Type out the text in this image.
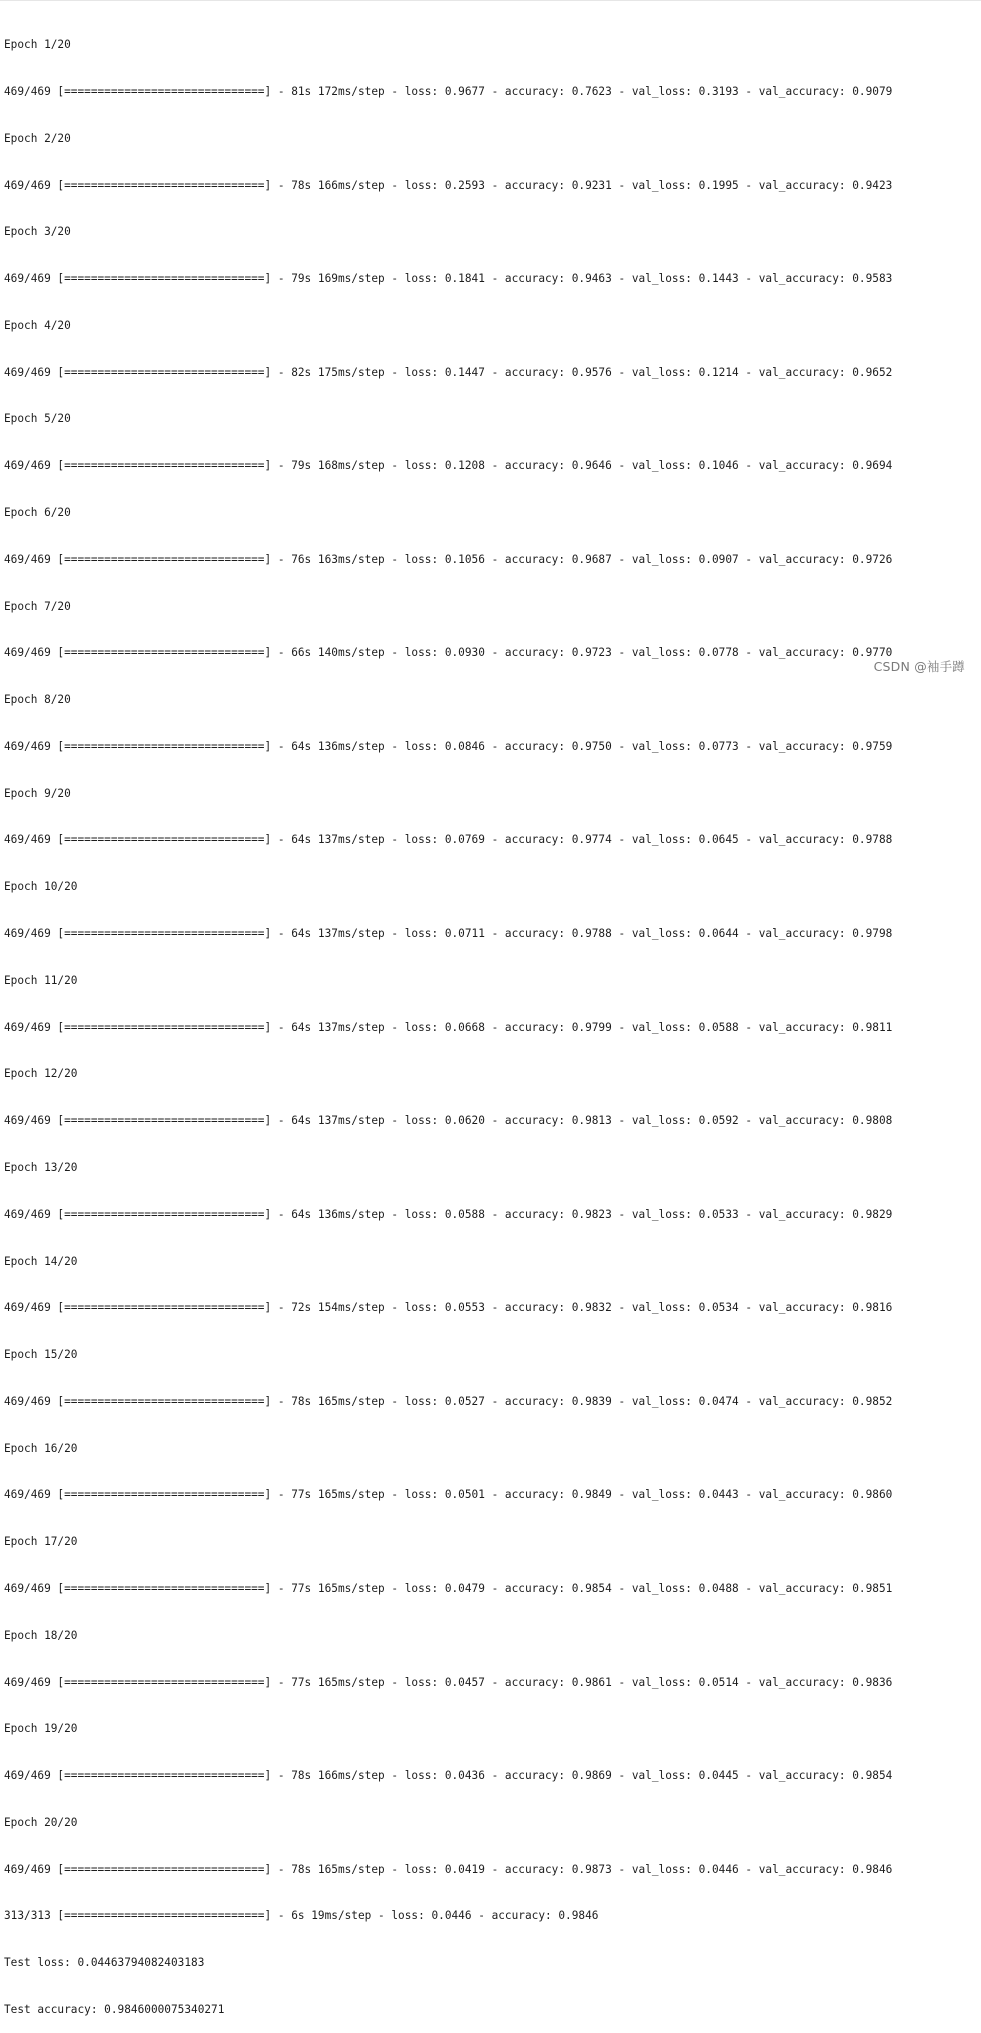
Epoch 1/20

469/469 [==============================] - 81s 172ms/step - loss: 0.9677 - accuracy: 0.7623 - val_loss: 0.3193 - val_accuracy: 0.9079

Epoch 2/20

469/469 [==============================] - 78s 166ms/step - loss: 0.2593 - accuracy: 0.9231 - val_loss: 0.1995 - val_accuracy: 0.9423

Epoch 3/20

469/469 [==============================] - 79s 169ms/step - loss: 0.1841 - accuracy: 0.9463 - val_loss: 0.1443 - val_accuracy: 0.9583

Epoch 4/20

469/469 [==============================] - 82s 175ms/step - loss: 0.1447 - accuracy: 0.9576 - val_loss: 0.1214 - val_accuracy: 0.9652

Epoch 5/20

469/469 [==============================] - 79s 168ms/step - loss: 0.1208 - accuracy: 0.9646 - val_loss: 0.1046 - val_accuracy: 0.9694

Epoch 6/20

469/469 [==============================] - 76s 163ms/step - loss: 0.1056 - accuracy: 0.9687 - val_loss: 0.0907 - val_accuracy: 0.9726

Epoch 7/20

469/469 [==============================] - 66s 140ms/step - loss: 0.0930 - accuracy: 0.9723 - val_loss: 0.0778 - val_accuracy: 0.9770

Epoch 8/20

469/469 [==============================] - 64s 136ms/step - loss: 0.0846 - accuracy: 0.9750 - val_loss: 0.0773 - val_accuracy: 0.9759

Epoch 9/20

469/469 [==============================] - 64s 137ms/step - loss: 0.0769 - accuracy: 0.9774 - val_loss: 0.0645 - val_accuracy: 0.9788

Epoch 10/20

469/469 [==============================] - 64s 137ms/step - loss: 0.0711 - accuracy: 0.9788 - val_loss: 0.0644 - val_accuracy: 0.9798

Epoch 11/20

469/469 [==============================] - 64s 137ms/step - loss: 0.0668 - accuracy: 0.9799 - val_loss: 0.0588 - val_accuracy: 0.9811

Epoch 12/20

469/469 [==============================] - 64s 137ms/step - loss: 0.0620 - accuracy: 0.9813 - val_loss: 0.0592 - val_accuracy: 0.9808

Epoch 13/20

469/469 [==============================] - 64s 136ms/step - loss: 0.0588 - accuracy: 0.9823 - val_loss: 0.0533 - val_accuracy: 0.9829

Epoch 14/20

469/469 [==============================] - 72s 154ms/step - loss: 0.0553 - accuracy: 0.9832 - val_loss: 0.0534 - val_accuracy: 0.9816

Epoch 15/20

469/469 [==============================] - 78s 165ms/step - loss: 0.0527 - accuracy: 0.9839 - val_loss: 0.0474 - val_accuracy: 0.9852

Epoch 16/20

469/469 [==============================] - 77s 165ms/step - loss: 0.0501 - accuracy: 0.9849 - val_loss: 0.0443 - val_accuracy: 0.9860

Epoch 17/20

469/469 [==============================] - 77s 165ms/step - loss: 0.0479 - accuracy: 0.9854 - val_loss: 0.0488 - val_accuracy: 0.9851

Epoch 18/20

469/469 [==============================] - 77s 165ms/step - loss: 0.0457 - accuracy: 0.9861 - val_loss: 0.0514 - val_accuracy: 0.9836

Epoch 19/20

469/469 [==============================] - 78s 166ms/step - loss: 0.0436 - accuracy: 0.9869 - val_loss: 0.0445 - val_accuracy: 0.9854

Epoch 20/20

469/469 [==============================] - 78s 165ms/step - loss: 0.0419 - accuracy: 0.9873 - val_loss: 0.0446 - val_accuracy: 0.9846

313/313 [==============================] - 6s 19ms/step - loss: 0.0446 - accuracy: 0.9846

Test loss: 0.04463794082403183

Test accuracy: 0.9846000075340271

CSDN @袖手蹲
